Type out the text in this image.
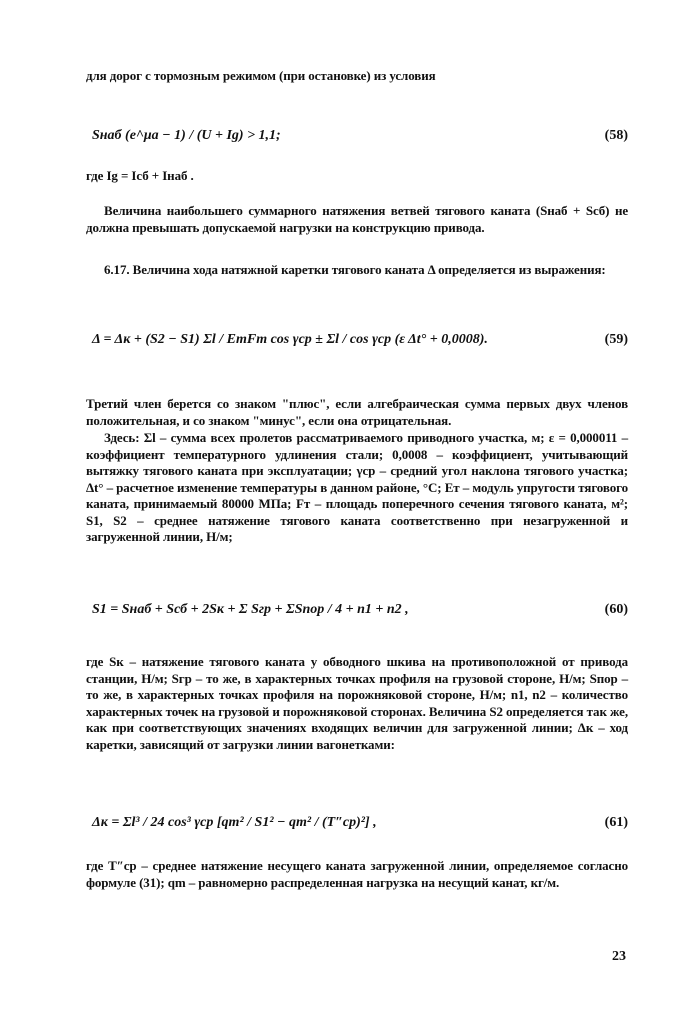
для дорог с тормозным режимом (при остановке) из условия

Sнаб (e^μa − 1) / (U + Ig) > 1,1;	(58)

где Ig = Iсб + Iнаб .

Величина наибольшего суммарного натяжения ветвей тягового каната (Sнаб + Sсб) не должна превышать допускаемой нагрузки на конструкцию привода.

6.17. Величина хода натяжной каретки тягового каната Δ определяется из выражения:

Δ = Δк + (S2 − S1) Σl / EтFт cos γср ± Σl / cos γср (ε Δt° + 0,0008).	(59)

Третий член берется со знаком "плюс", если алгебраическая сумма первых двух членов положительная, и со знаком "минус", если она отрицательная.

Здесь: Σl – сумма всех пролетов рассматриваемого приводного участка, м; ε = 0,000011 – коэффициент температурного удлинения стали; 0,0008 – коэффициент, учитывающий вытяжку тягового каната при эксплуатации; γср – средний угол наклона тягового участка; Δt° – расчетное изменение температуры в данном районе, °С; Eт – модуль упругости тягового каната, принимаемый 80000 МПа; Fт – площадь поперечного сечения тягового каната, м²; S1, S2 – среднее натяжение тягового каната соответственно при незагруженной и загруженной линии, Н/м;

S1 = Sнаб + Sсб + 2Sк + Σ Sгр + ΣSпор / 4 + n1 + n2 ,	(60)

где Sк – натяжение тягового каната у обводного шкива на противоположной от привода станции, Н/м; Sгр – то же, в характерных точках профиля на грузовой стороне, Н/м; Sпор – то же, в характерных точках профиля на порожняковой стороне, Н/м; n1, n2 – количество характерных точек на грузовой и порожняковой сторонах. Величина S2 определяется так же, как при соответствующих значениях входящих величин для загруженной линии; Δк – ход каретки, зависящий от загрузки линии вагонетками:

Δк = Σl³ / 24 cos³ γср [qт² / S1² − qm² / (T″ср)²] ,	(61)

где T″ср – среднее натяжение несущего каната загруженной линии, определяемое согласно формуле (31); qm – равномерно распределенная нагрузка на несущий канат, кг/м.

23
